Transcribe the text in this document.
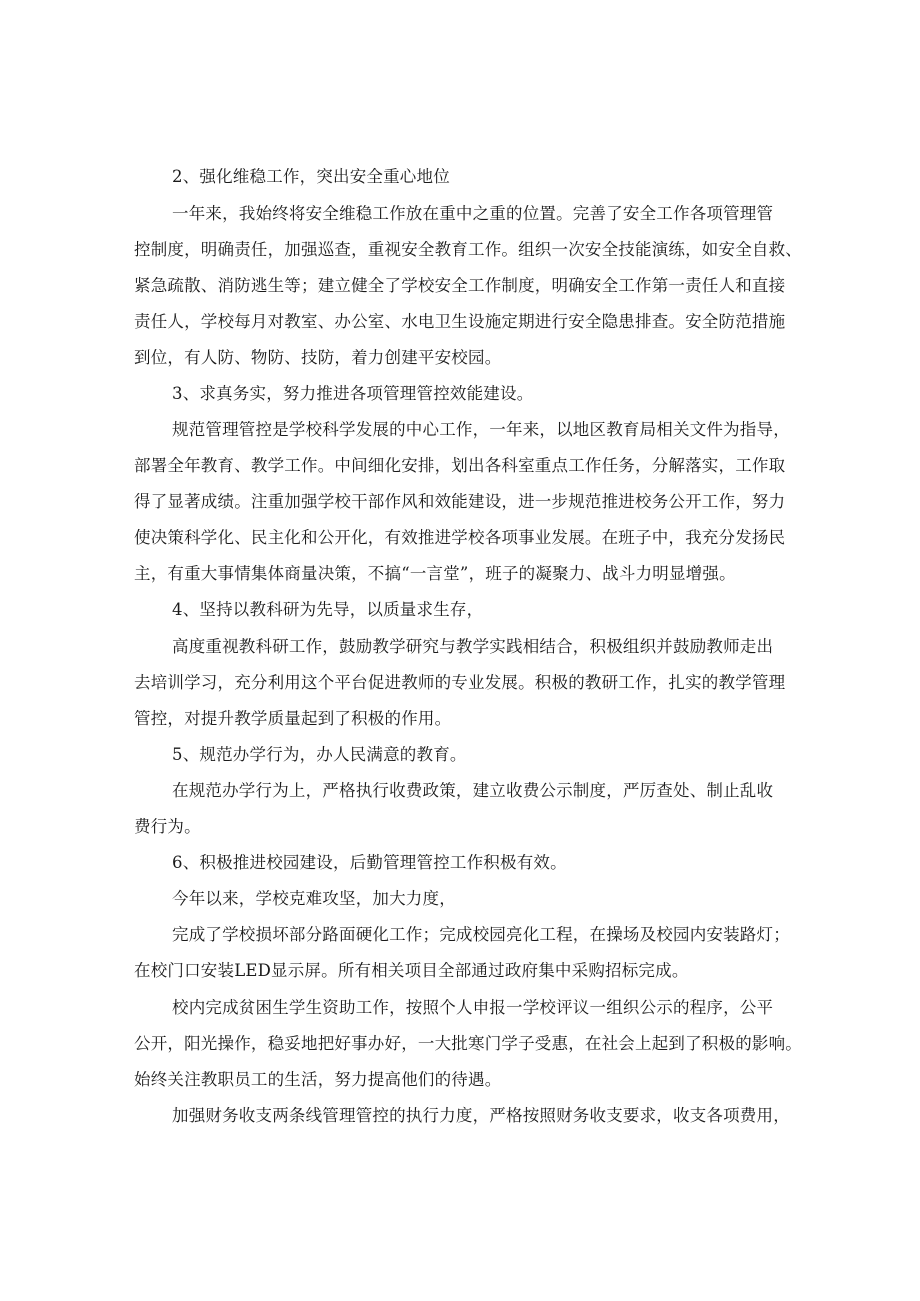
2、强化维稳工作，突出安全重心地位
一年来，我始终将安全维稳工作放在重中之重的位置。完善了安全工作各项管理管
控制度，明确责任，加强巡查，重视安全教育工作。组织一次安全技能演练，如安全自救、
紧急疏散、消防逃生等；建立健全了学校安全工作制度，明确安全工作第一责任人和直接
责任人，学校每月对教室、办公室、水电卫生设施定期进行安全隐患排查。安全防范措施
到位，有人防、物防、技防，着力创建平安校园。
3、求真务实，努力推进各项管理管控效能建设。
规范管理管控是学校科学发展的中心工作，一年来，以地区教育局相关文件为指导，
部署全年教育、教学工作。中间细化安排，划出各科室重点工作任务，分解落实，工作取
得了显著成绩。注重加强学校干部作风和效能建设，进一步规范推进校务公开工作，努力
使决策科学化、民主化和公开化，有效推进学校各项事业发展。在班子中，我充分发扬民
主，有重大事情集体商量决策，不搞“一言堂”，班子的凝聚力、战斗力明显增强。
4、坚持以教科研为先导，以质量求生存，
高度重视教科研工作，鼓励教学研究与教学实践相结合，积极组织并鼓励教师走出
去培训学习，充分利用这个平台促进教师的专业发展。积极的教研工作，扎实的教学管理
管控，对提升教学质量起到了积极的作用。
5、规范办学行为，办人民满意的教育。
在规范办学行为上，严格执行收费政策，建立收费公示制度，严厉查处、制止乱收
费行为。
6、积极推进校园建设，后勤管理管控工作积极有效。
今年以来，学校克难攻坚，加大力度，
完成了学校损坏部分路面硬化工作；完成校园亮化工程，在操场及校园内安装路灯；
在校门口安装LED显示屏。所有相关项目全部通过政府集中采购招标完成。
校内完成贫困生学生资助工作，按照个人申报一学校评议一组织公示的程序，公平
公开，阳光操作，稳妥地把好事办好，一大批寒门学子受惠，在社会上起到了积极的影响。
始终关注教职员工的生活，努力提高他们的待遇。
加强财务收支两条线管理管控的执行力度，严格按照财务收支要求，收支各项费用，
